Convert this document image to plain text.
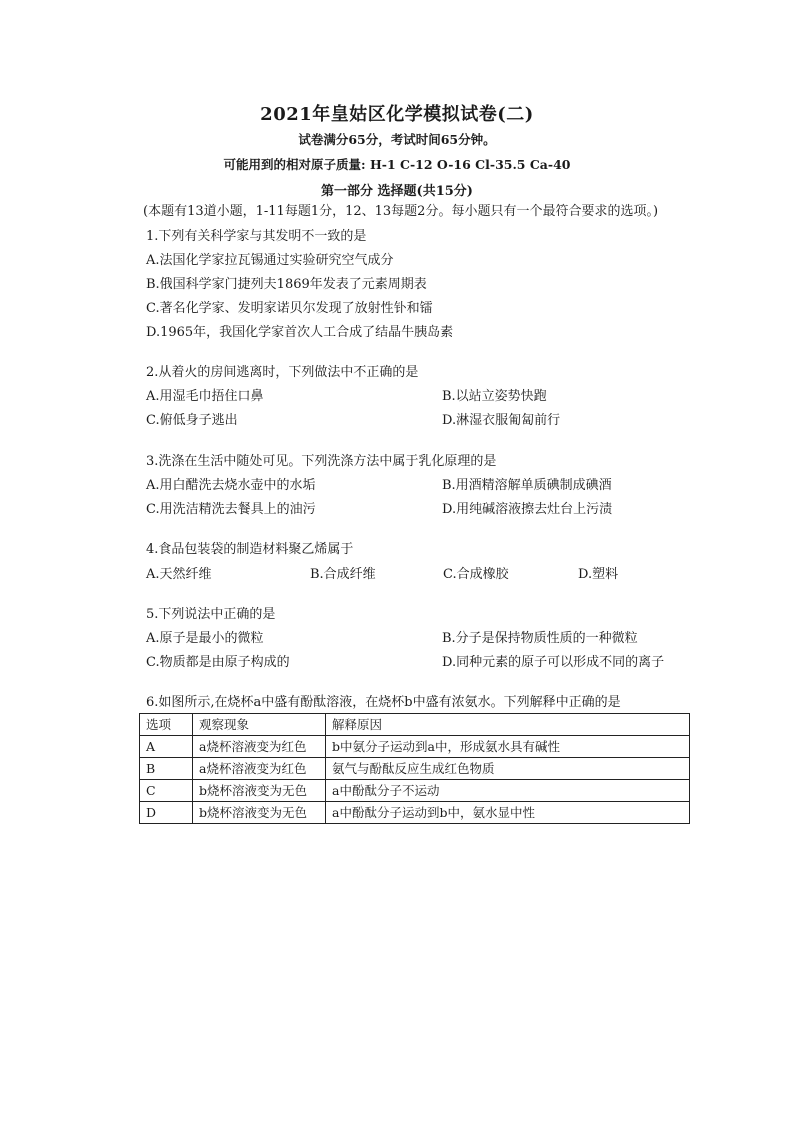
2021年皇姑区化学模拟试卷(二)
试卷满分65分，考试时间65分钟。
可能用到的相对原子质量: H-1 C-12 O-16 Cl-35.5 Ca-40
第一部分 选择题(共15分)
(本题有13道小题，1-11每题1分，12、13每题2分。每小题只有一个最符合要求的选项。)
1.下列有关科学家与其发明不一致的是
A.法国化学家拉瓦锡通过实验研究空气成分
B.俄国科学家门捷列夫1869年发表了元素周期表
C.著名化学家、发明家诺贝尔发现了放射性钋和镭
D.1965年，我国化学家首次人工合成了结晶牛胰岛素
2.从着火的房间逃离时，下列做法中不正确的是
A.用湿毛巾捂住口鼻	B.以站立姿势快跑
C.俯低身子逃出	D.淋湿衣服匍匐前行
3.洗涤在生活中随处可见。下列洗涤方法中属于乳化原理的是
A.用白醋洗去烧水壶中的水垢	B.用酒精溶解单质碘制成碘酒
C.用洗洁精洗去餐具上的油污	D.用纯碱溶液擦去灶台上污渍
4.食品包装袋的制造材料聚乙烯属于
A.天然纤维	B.合成纤维	C.合成橡胶	D.塑料
5.下列说法中正确的是
A.原子是最小的微粒	B.分子是保持物质性质的一种微粒
C.物质都是由原子构成的	D.同种元素的原子可以形成不同的离子
6.如图所示,在烧杯a中盛有酚酞溶液，在烧杯b中盛有浓氨水。下列解释中正确的是
选项	观察现象	解释原因
A	a烧杯溶液变为红色	b中氨分子运动到a中，形成氨水具有碱性
B	a烧杯溶液变为红色	氨气与酚酞反应生成红色物质
C	b烧杯溶液变为无色	a中酚酞分子不运动
D	b烧杯溶液变为无色	a中酚酞分子运动到b中，氨水显中性
